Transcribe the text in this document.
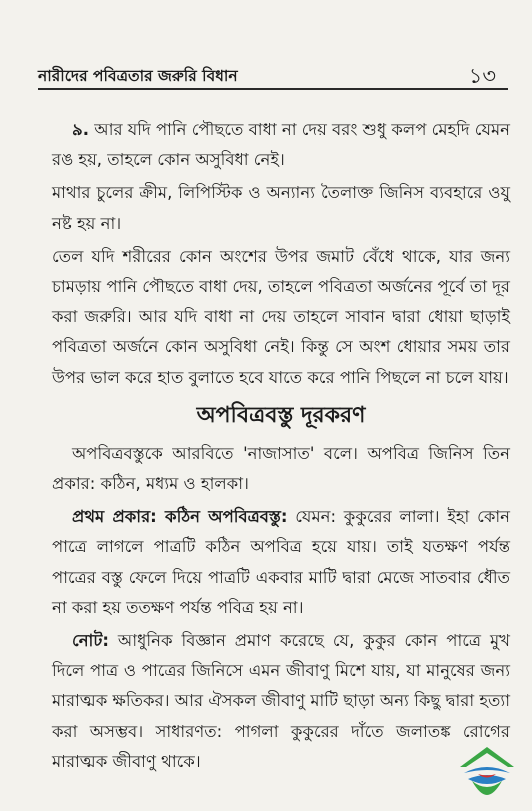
নারীদের পবিত্রতার জরুরি বিধান	১৩

৯. আর যদি পানি পৌছতে বাধা না দেয় বরং শুধু কলপ মেহদি যেমন রঙ হয়, তাহলে কোন অসুবিধা নেই।

মাথার চুলের ক্রীম, লিপিস্টিক ও অন্যান্য তৈলাক্ত জিনিস ব্যবহারে ওযু নষ্ট হয় না।

তেল যদি শরীরের কোন অংশের উপর জমাট বেঁধে থাকে, যার জন্য চামড়ায় পানি পৌছতে বাধা দেয়, তাহলে পবিত্রতা অর্জনের পূর্বে তা দূর করা জরুরি। আর যদি বাধা না দেয় তাহলে সাবান দ্বারা ধোয়া ছাড়াই পবিত্রতা অর্জনে কোন অসুবিধা নেই। কিন্তু সে অংশ ধোয়ার সময় তার উপর ভাল করে হাত বুলাতে হবে যাতে করে পানি পিছলে না চলে যায়।

অপবিত্রবস্তু দূরকরণ

অপবিত্রবস্তুকে আরবিতে 'নাজাসাত' বলে। অপবিত্র জিনিস তিন প্রকার: কঠিন, মধ্যম ও হালকা।

প্রথম প্রকার: কঠিন অপবিত্রবস্তু: যেমন: কুকুরের লালা। ইহা কোন পাত্রে লাগলে পাত্রটি কঠিন অপবিত্র হয়ে যায়। তাই যতক্ষণ পর্যন্ত পাত্রের বস্তু ফেলে দিয়ে পাত্রটি একবার মাটি দ্বারা মেজে সাতবার ধৌত না করা হয় ততক্ষণ পর্যন্ত পবিত্র হয় না।

নোট: আধুনিক বিজ্ঞান প্রমাণ করেছে যে, কুকুর কোন পাত্রে মুখ দিলে পাত্র ও পাত্রের জিনিসে এমন জীবাণু মিশে যায়, যা মানুষের জন্য মারাত্মক ক্ষতিকর। আর ঐসকল জীবাণু মাটি ছাড়া অন্য কিছু দ্বারা হত্যা করা অসম্ভব। সাধারণত: পাগলা কুকুরের দাঁতে জলাতঙ্ক রোগের মারাত্মক জীবাণু থাকে।
